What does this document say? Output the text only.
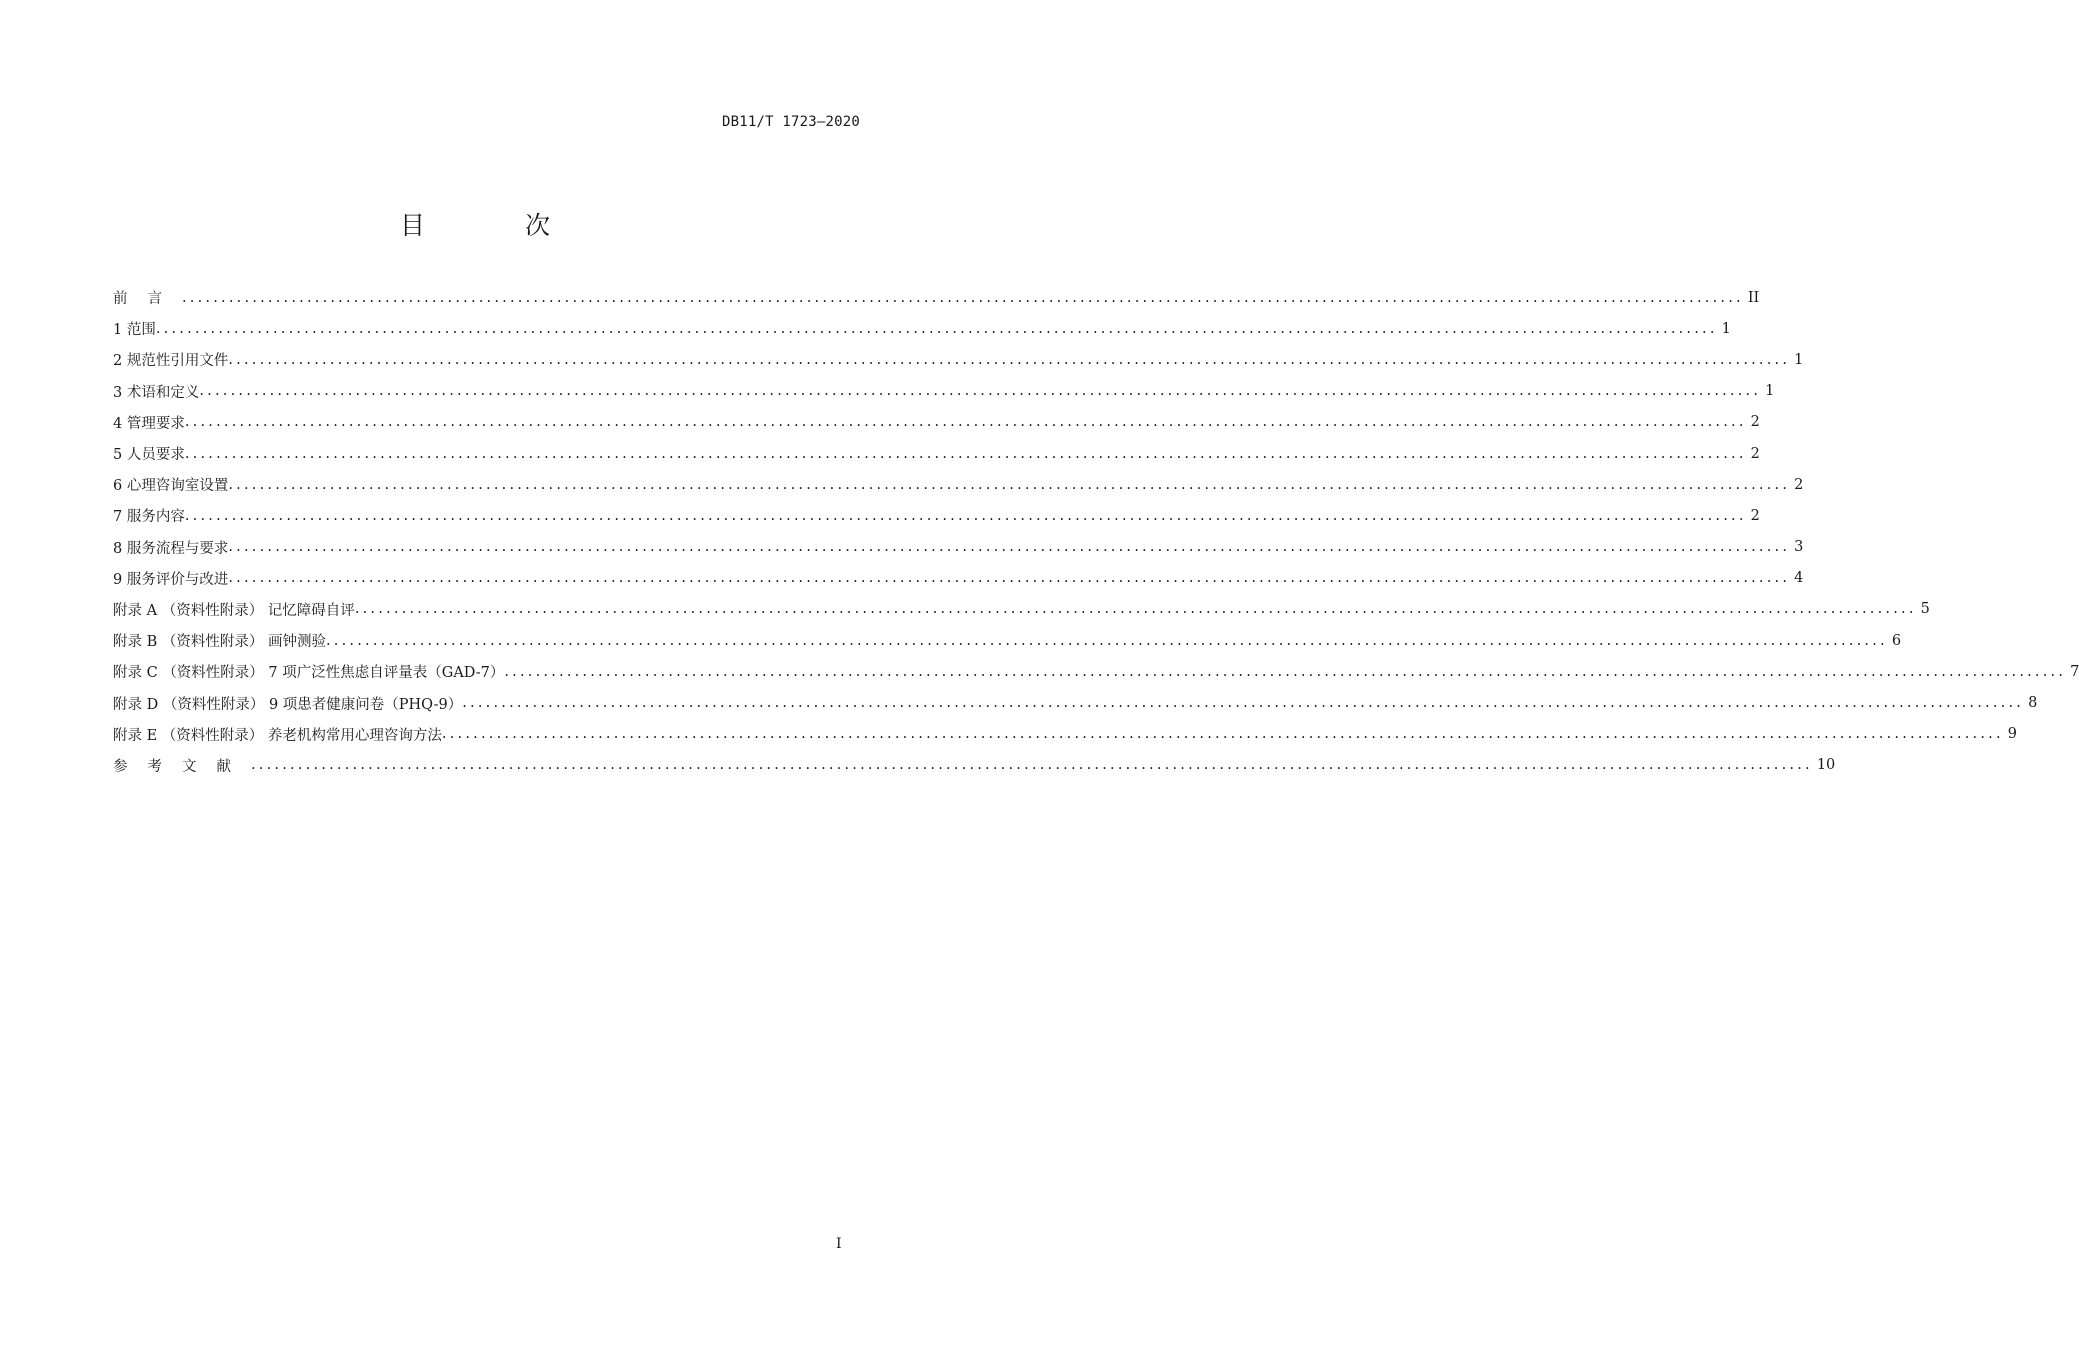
DB11/T 1723—2020
目 次
前言 ........................................................................................................................................................................................................ II
1 范围 ........................................................................................................................................................................................................ 1
2 规范性引用文件 ........................................................................................................................................................................................................ 1
3 术语和定义 ........................................................................................................................................................................................................ 1
4 管理要求 ........................................................................................................................................................................................................ 2
5 人员要求 ........................................................................................................................................................................................................ 2
6 心理咨询室设置 ........................................................................................................................................................................................................ 2
7 服务内容 ........................................................................................................................................................................................................ 2
8 服务流程与要求 ........................................................................................................................................................................................................ 3
9 服务评价与改进 ........................................................................................................................................................................................................ 4
附录 A （资料性附录） 记忆障碍自评 ........................................................................................................................................................................................................ 5
附录 B （资料性附录） 画钟测验 ........................................................................................................................................................................................................ 6
附录 C （资料性附录） 7 项广泛性焦虑自评量表（GAD-7） ........................................................................................................................................................................................................ 7
附录 D （资料性附录） 9 项患者健康问卷（PHQ-9） ........................................................................................................................................................................................................ 8
附录 E （资料性附录） 养老机构常用心理咨询方法 ........................................................................................................................................................................................................ 9
参考文献 ........................................................................................................................................................................................................ 10
I
